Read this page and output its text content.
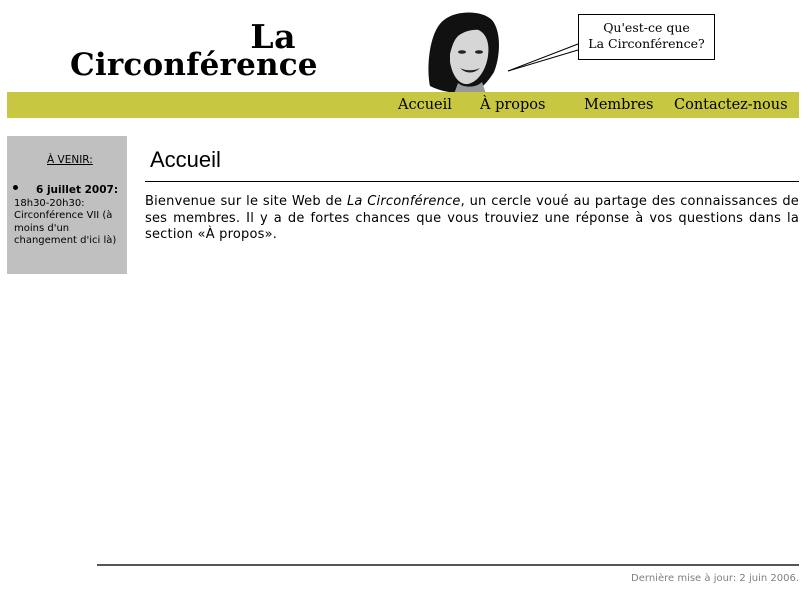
La
Circonférence
Qu'est-ce que
La Circonférence?
Accueil À propos	Membres Contactez-nous
À VENIR:
6 juillet 2007:
18h30-20h30: Circonférence VII (à moins d'un changement d'ici là)
Accueil
Bienvenue sur le site Web de La Circonférence, un cercle voué au partage des connaissances de ses membres. Il y a de fortes chances que vous trouviez une réponse à vos questions dans la section «À propos».
Dernière mise à jour: 2 juin 2006.
